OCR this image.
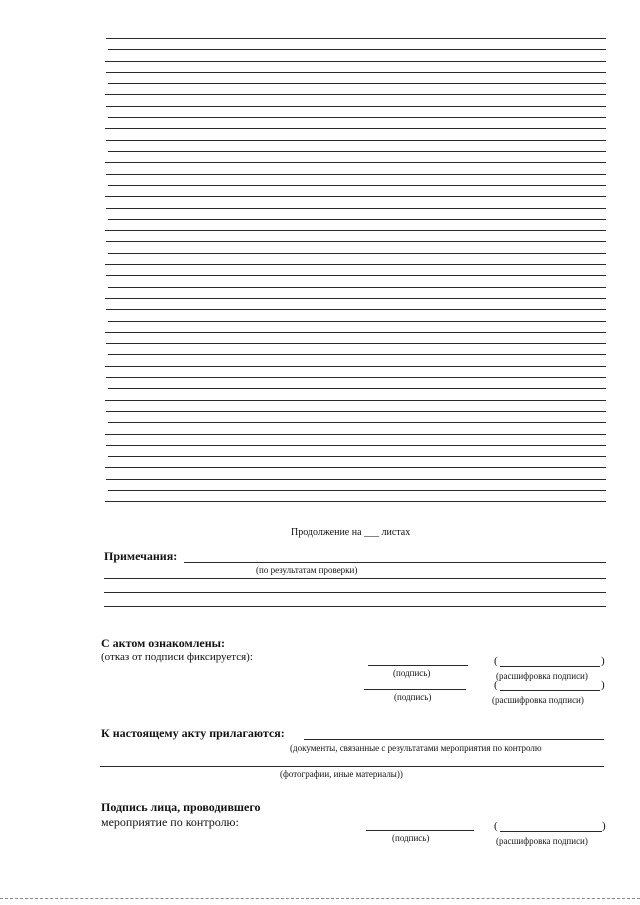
Продолжение на ___ листах
Примечания:
(по результатам проверки)
С актом ознакомлены:
(отказ от подписи фиксируется):	(	)
(подпись)	(расшифровка подписи)
(	)
(подпись)	(расшифровка подписи)
К настоящему акту прилагаются:
(документы, связанные с результатами мероприятия по контролю
(фотографии, иные материалы))
Подпись лица, проводившего
мероприятие по контролю:	(	)
(подпись)	(расшифровка подписи)
